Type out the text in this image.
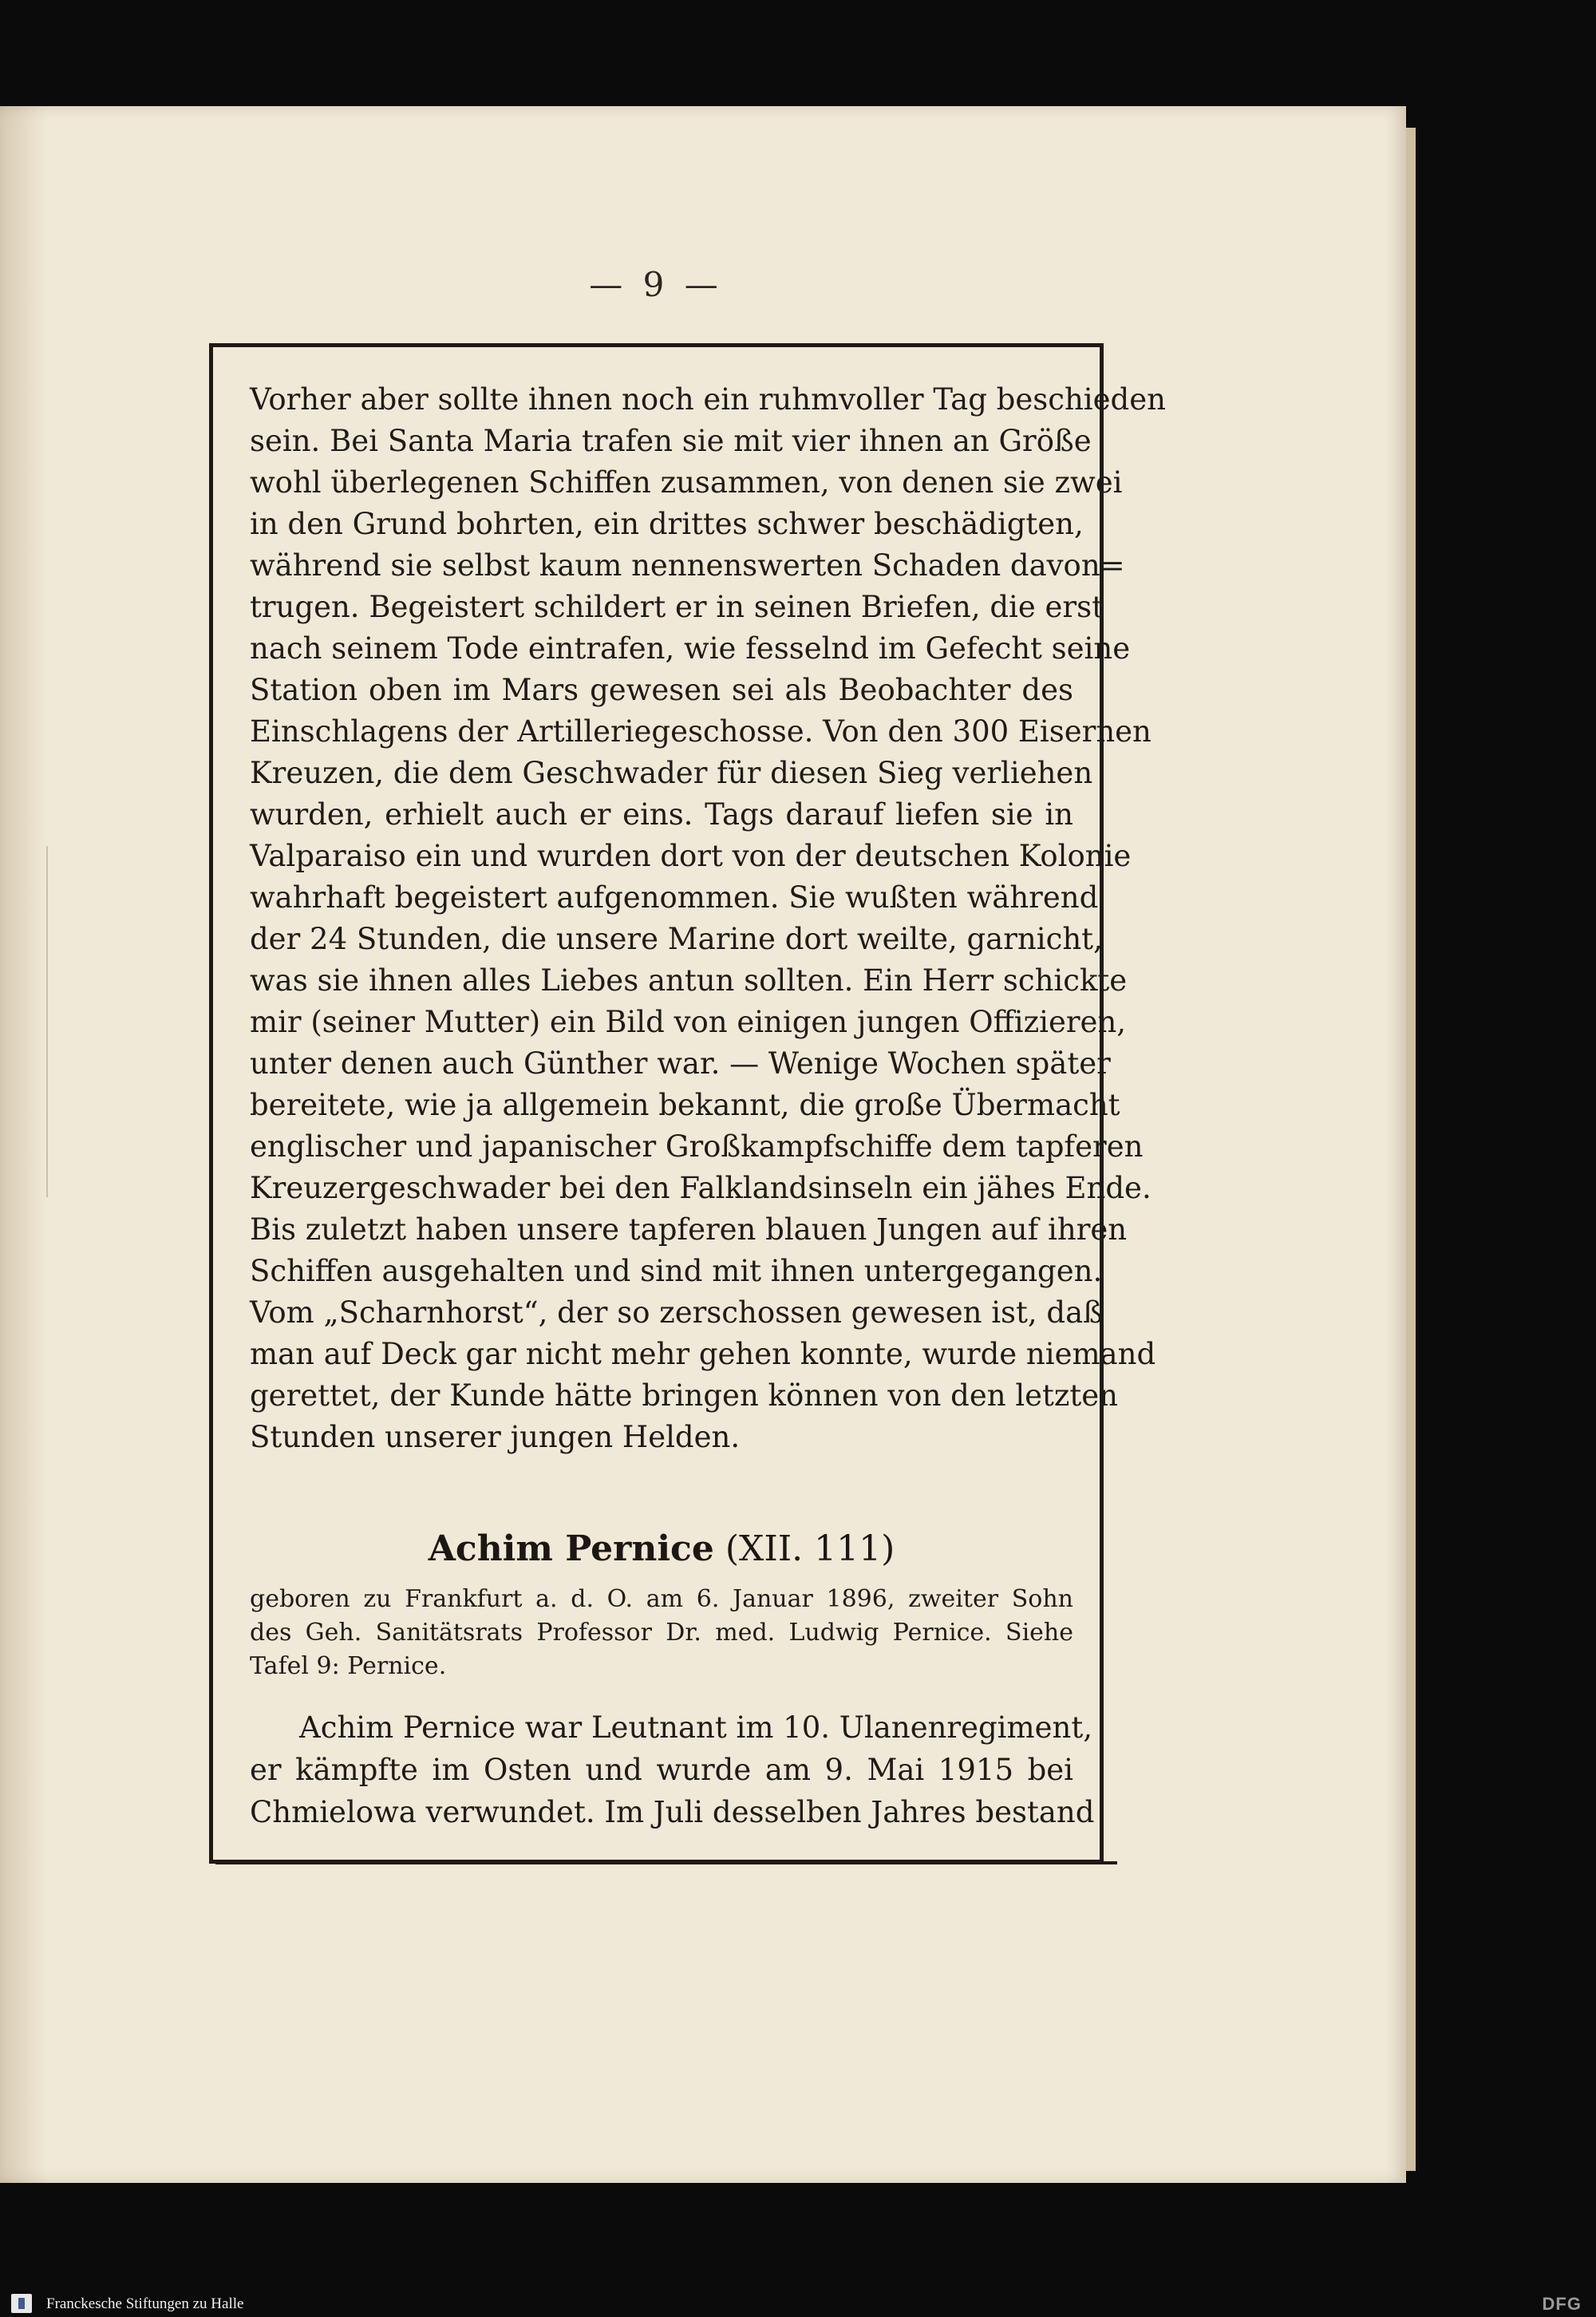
— 9 —
Vorher aber sollte ihnen noch ein ruhmvoller Tag beschieden
sein. Bei Santa Maria trafen sie mit vier ihnen an Größe
wohl überlegenen Schiffen zusammen, von denen sie zwei
in den Grund bohrten, ein drittes schwer beschädigten,
während sie selbst kaum nennenswerten Schaden davon=
trugen. Begeistert schildert er in seinen Briefen, die erst
nach seinem Tode eintrafen, wie fesselnd im Gefecht seine
Station oben im Mars gewesen sei als Beobachter des
Einschlagens der Artilleriegeschosse. Von den 300 Eisernen
Kreuzen, die dem Geschwader für diesen Sieg verliehen
wurden, erhielt auch er eins. Tags darauf liefen sie in
Valparaiso ein und wurden dort von der deutschen Kolonie
wahrhaft begeistert aufgenommen. Sie wußten während
der 24 Stunden, die unsere Marine dort weilte, garnicht,
was sie ihnen alles Liebes antun sollten. Ein Herr schickte
mir (seiner Mutter) ein Bild von einigen jungen Offizieren,
unter denen auch Günther war. — Wenige Wochen später
bereitete, wie ja allgemein bekannt, die große Übermacht
englischer und japanischer Großkampfschiffe dem tapferen
Kreuzergeschwader bei den Falklandsinseln ein jähes Ende.
Bis zuletzt haben unsere tapferen blauen Jungen auf ihren
Schiffen ausgehalten und sind mit ihnen untergegangen.
Vom „Scharnhorst“, der so zerschossen gewesen ist, daß
man auf Deck gar nicht mehr gehen konnte, wurde niemand
gerettet, der Kunde hätte bringen können von den letzten
Stunden unserer jungen Helden.
Achim Pernice (XII. 111)
geboren zu Frankfurt a. d. O. am 6. Januar 1896, zweiter Sohn
des Geh. Sanitätsrats Professor Dr. med. Ludwig Pernice. Siehe
Tafel 9: Pernice.
Achim Pernice war Leutnant im 10. Ulanenregiment,
er kämpfte im Osten und wurde am 9. Mai 1915 bei
Chmielowa verwundet. Im Juli desselben Jahres bestand
Franckesche Stiftungen zu Halle	DFG
